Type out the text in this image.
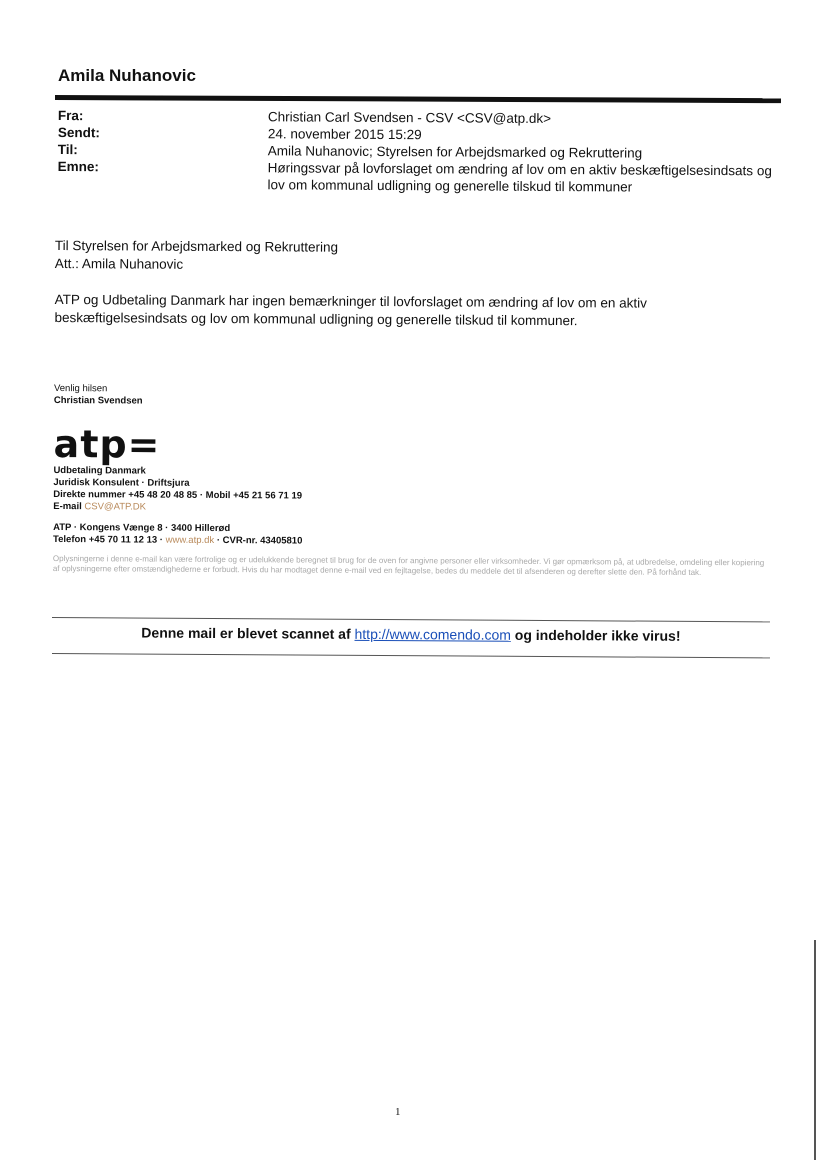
Amila Nuhanovic
Fra:	Christian Carl Svendsen - CSV <CSV@atp.dk>
Sendt:	24. november 2015 15:29
Til:	Amila Nuhanovic; Styrelsen for Arbejdsmarked og Rekruttering
Emne:	Høringssvar på lovforslaget om ændring af lov om en aktiv beskæftigelsesindsats og lov om kommunal udligning og generelle tilskud til kommuner

Til Styrelsen for Arbejdsmarked og Rekruttering

Att.: Amila Nuhanovic

ATP og Udbetaling Danmark har ingen bemærkninger til lovforslaget om ændring af lov om en aktiv beskæftigelsesindsats og lov om kommunal udligning og generelle tilskud til kommuner.

Venlig hilsen
Christian Svendsen
atp=
Udbetaling Danmark
Juridisk Konsulent · Driftsjura
Direkte nummer +45 48 20 48 85 · Mobil +45 21 56 71 19
E-mail CSV@ATP.DK
ATP · Kongens Vænge 8 · 3400 Hillerød
Telefon +45 70 11 12 13 · www.atp.dk · CVR-nr. 43405810
Oplysningerne i denne e-mail kan være fortrolige og er udelukkende beregnet til brug for de oven for angivne personer eller virksomheder. Vi gør opmærksom på, at udbredelse, omdeling eller kopiering af oplysningerne efter omstændighederne er forbudt. Hvis du har modtaget denne e-mail ved en fejltagelse, bedes du meddele det til afsenderen og derefter slette den. På forhånd tak.
Denne mail er blevet scannet af http://www.comendo.com og indeholder ikke virus!
1
